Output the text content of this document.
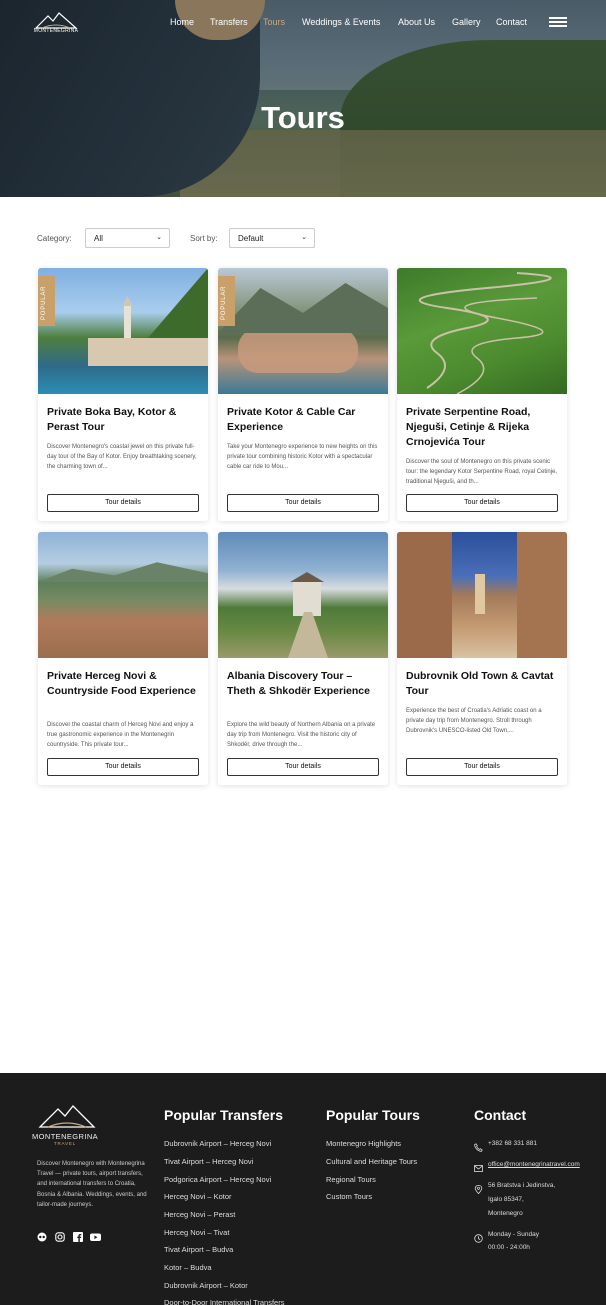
MONTENEGRINA
Home Transfers Tours Weddings & Events About Us Gallery Contact
Tours
Category:	All	⌄	Sort by:	Default	⌄
POPULAR
Private Boka Bay, Kotor & Perast Tour
Discover Montenegro's coastal jewel on this private full-day tour of the Bay of Kotor. Enjoy breathtaking scenery, the charming town of...
Tour details
POPULAR
Private Kotor & Cable Car Experience
Take your Montenegro experience to new heights on this private tour combining historic Kotor with a spectacular cable car ride to Mou...
Tour details
Private Serpentine Road, Njeguši, Cetinje & Rijeka Crnojevića Tour
Discover the soul of Montenegro on this private scenic tour: the legendary Kotor Serpentine Road, royal Cetinje, traditional Njeguši, and th...
Tour details
Private Herceg Novi & Countryside Food Experience
Discover the coastal charm of Herceg Novi and enjoy a true gastronomic experience in the Montenegrin countryside. This private tour...
Tour details
Albania Discovery Tour – Theth & Shkodër Experience
Explore the wild beauty of Northern Albania on a private day trip from Montenegro. Visit the historic city of Shkodër, drive through the...
Tour details
Dubrovnik Old Town & Cavtat Tour
Experience the best of Croatia's Adriatic coast on a private day trip from Montenegro. Stroll through Dubrovnik's UNESCO-listed Old Town,...
Tour details
MONTENEGRINA
TRAVEL
Discover Montenegro with Montenegrina Travel — private tours, airport transfers, and international transfers to Croatia, Bosnia & Albania. Weddings, events, and tailor-made journeys.
Popular Transfers
Dubrovnik Airport – Herceg Novi
Tivat Airport – Herceg Novi
Podgorica Airport – Herceg Novi
Herceg Novi – Kotor
Herceg Novi – Perast
Herceg Novi – Tivat
Tivat Airport – Budva
Kotor – Budva
Dubrovnik Airport – Kotor
Door-to-Door International Transfers
Popular Tours
Montenegro Highlights
Cultural and Heritage Tours
Regional Tours
Custom Tours
Contact
+382 68 331 881
office@montenegrinatravel.com
56 Bratstva i Jedinstva,
Igalo 85347,
Montenegro
Monday - Sunday
00:00 - 24:00h
